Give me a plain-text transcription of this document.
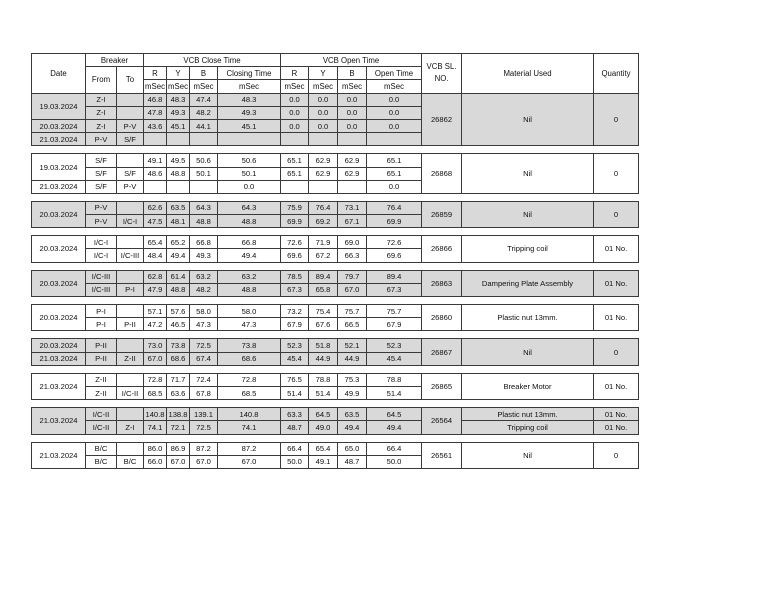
Date	Breaker		VCB Close Time				VCB Open Time				VCB SL. NO.	Material Used	Quantity
	From	To	R	Y	B	Closing Time	R	Y	B	Open Time			
			mSec	mSec	mSec	mSec	mSec	mSec	mSec	mSec			
19.03.2024	Z-I		46.8	48.3	47.4	48.3	0.0	0.0	0.0	0.0	26862	Nil	0
	Z-I		47.8	49.3	48.2	49.3	0.0	0.0	0.0	0.0			
20.03.2024	Z-I	P-V	43.6	45.1	44.1	45.1	0.0	0.0	0.0	0.0			
21.03.2024	P-V	S/F											

19.03.2024	S/F		49.1	49.5	50.6	50.6	65.1	62.9	62.9	65.1	26868	Nil	0
	S/F	S/F	48.6	48.8	50.1	50.1	65.1	62.9	62.9	65.1			
21.03.2024	S/F	P-V				0.0				0.0			

20.03.2024	P-V		62.6	63.5	64.3	64.3	75.9	76.4	73.1	76.4	26859	Nil	0
	P-V	I/C-I	47.5	48.1	48.8	48.8	69.9	69.2	67.1	69.9			

20.03.2024	I/C-I		65.4	65.2	66.8	66.8	72.6	71.9	69.0	72.6	26866	Tripping coil	01 No.
	I/C-I	I/C-III	48.4	49.4	49.3	49.4	69.6	67.2	66.3	69.6			

20.03.2024	I/C-III		62.8	61.4	63.2	63.2	78.5	89.4	79.7	89.4	26863	Dampering Plate Assembly	01 No.
	I/C-III	P-I	47.9	48.8	48.2	48.8	67.3	65.8	67.0	67.3			

20.03.2024	P-I		57.1	57.6	58.0	58.0	73.2	75.4	75.7	75.7	26860	Plastic nut 13mm.	01 No.
	P-I	P-II	47.2	46.5	47.3	47.3	67.9	67.6	66.5	67.9			

20.03.2024	P-II		73.0	73.8	72.5	73.8	52.3	51.8	52.1	52.3	26867	Nil	0
21.03.2024	P-II	Z-II	67.0	68.6	67.4	68.6	45.4	44.9	44.9	45.4			

21.03.2024	Z-II		72.8	71.7	72.4	72.8	76.5	78.8	75.3	78.8	26865	Breaker Motor	01 No.
	Z-II	I/C-II	68.5	63.6	67.8	68.5	51.4	51.4	49.9	51.4			

21.03.2024	I/C-II		140.8	138.8	139.1	140.8	63.3	64.5	63.5	64.5	26564	Plastic nut 13mm.	01 No.
	I/C-II	Z-I	74.1	72.1	72.5	74.1	48.7	49.0	49.4	49.4		Tripping coil	01 No.

21.03.2024	B/C		86.0	86.9	87.2	87.2	66.4	65.4	65.0	66.4	26561	Nil	0
	B/C	B/C	66.0	67.0	67.0	67.0	50.0	49.1	48.7	50.0			
